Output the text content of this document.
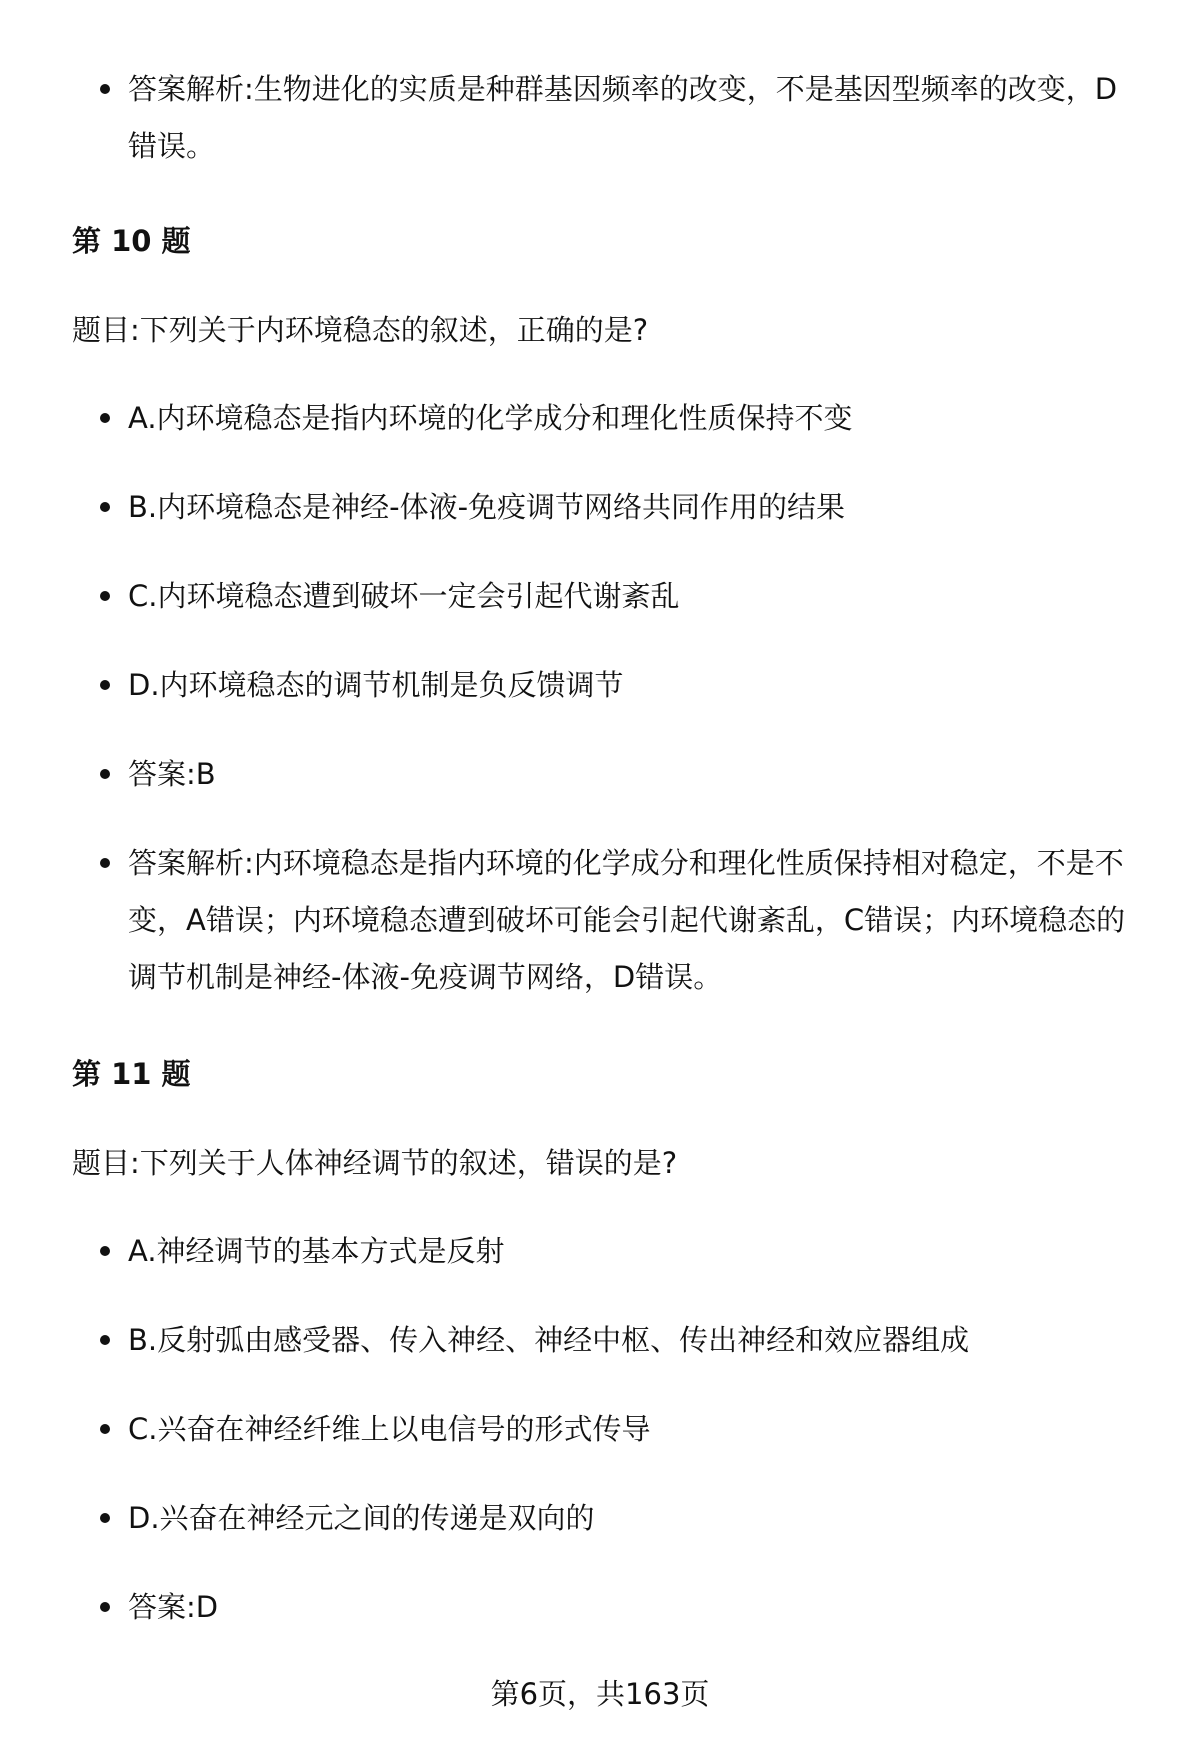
答案解析:生物进化的实质是种群基因频率的改变，不是基因型频率的改变，D错误。
第 10 题
题目:下列关于内环境稳态的叙述，正确的是?
A.内环境稳态是指内环境的化学成分和理化性质保持不变
B.内环境稳态是神经-体液-免疫调节网络共同作用的结果
C.内环境稳态遭到破坏一定会引起代谢紊乱
D.内环境稳态的调节机制是负反馈调节
答案:B
答案解析:内环境稳态是指内环境的化学成分和理化性质保持相对稳定，不是不变，A错误；内环境稳态遭到破坏可能会引起代谢紊乱，C错误；内环境稳态的调节机制是神经-体液-免疫调节网络，D错误。
第 11 题
题目:下列关于人体神经调节的叙述，错误的是?
A.神经调节的基本方式是反射
B.反射弧由感受器、传入神经、神经中枢、传出神经和效应器组成
C.兴奋在神经纤维上以电信号的形式传导
D.兴奋在神经元之间的传递是双向的
答案:D
第6页，共163页
